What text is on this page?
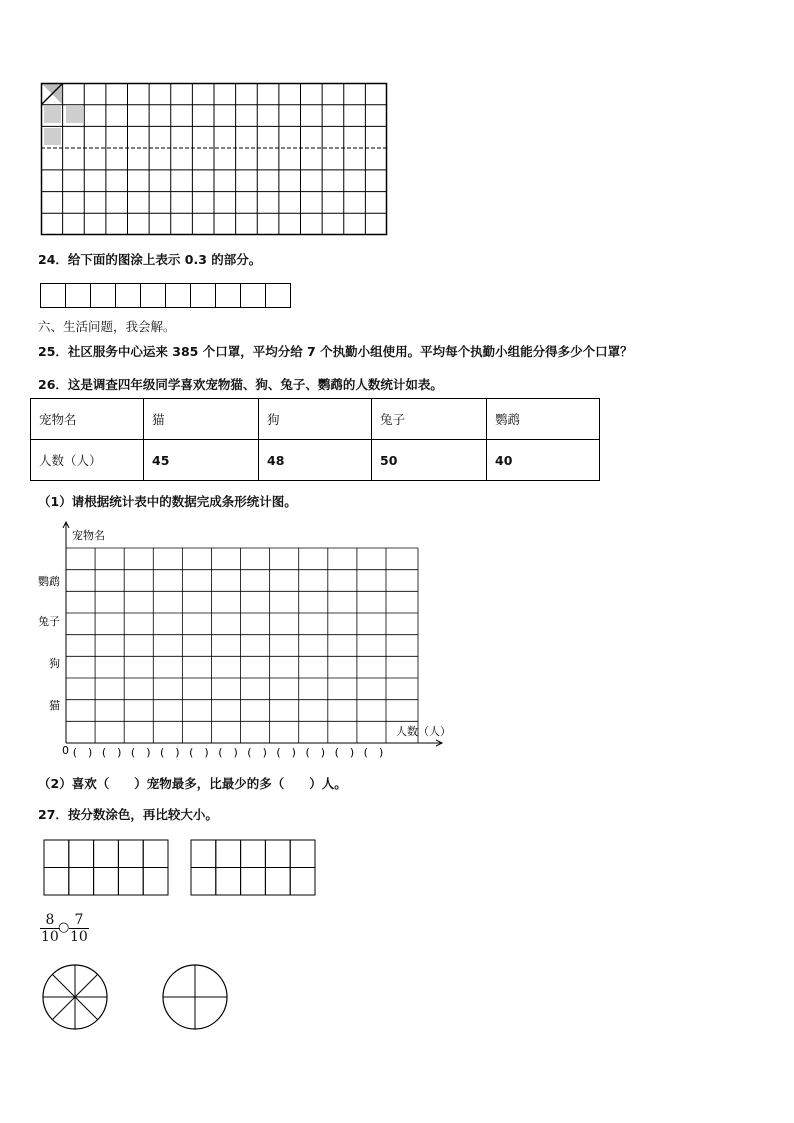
24．给下面的图涂上表示 0.3 的部分。
六、生活问题，我会解。
25．社区服务中心运来 385 个口罩，平均分给 7 个执勤小组使用。平均每个执勤小组能分得多少个口罩？
26．这是调查四年级同学喜欢宠物猫、狗、兔子、鹦鹉的人数统计如表。
宠物名	猫	狗	兔子	鹦鹉
人数（人）	45	48	50	40
（1）请根据统计表中的数据完成条形统计图。
宠物名
人数（人）
0
猫
狗
兔子
鹦鹉
(　) (　) (　) (　) (　) (　) (　) (　) (　) (　) (　)
（2）喜欢（　　）宠物最多，比最少的多（　　）人。
27．按分数涂色，再比较大小。
$\frac{8}{10}$
○ $\frac{7}{10}$
